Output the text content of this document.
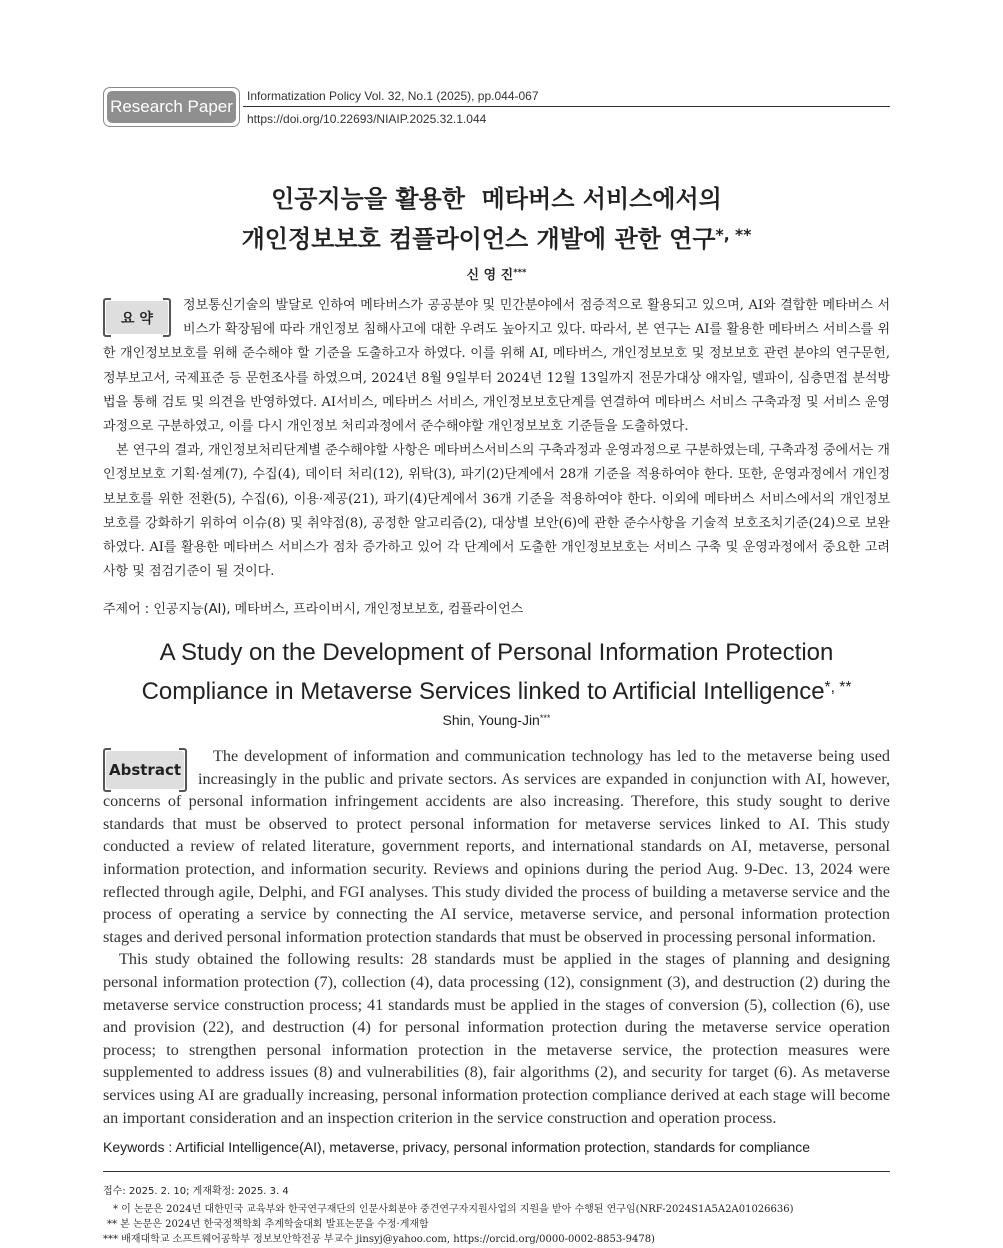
Research Paper
Informatization Policy Vol. 32, No.1 (2025), pp.044-067
https://doi.org/10.22693/NIAIP.2025.32.1.044
인공지능을 활용한  메타버스 서비스에서의
개인정보보호 컴플라이언스 개발에 관한 연구*, **
신 영 진***
요 약

정보통신기술의 발달로 인하여 메타버스가 공공분야 및 민간분야에서 점증적으로 활용되고 있으며, AI와 결합한 메타버스 서비스가 확장됨에 따라 개인정보 침해사고에 대한 우려도 높아지고 있다. 따라서, 본 연구는 AI를 활용한 메타버스 서비스를 위한 개인정보보호를 위해 준수해야 할 기준을 도출하고자 하였다. 이를 위해 AI, 메타버스, 개인정보보호 및 정보보호 관련 분야의 연구문헌, 정부보고서, 국제표준 등 문헌조사를 하였으며, 2024년 8월 9일부터 2024년 12월 13일까지 전문가대상 애자일, 델파이, 심층면접 분석방법을 통해 검토 및 의견을 반영하였다. AI서비스, 메타버스 서비스, 개인정보보호단계를 연결하여 메타버스 서비스 구축과정 및 서비스 운영과정으로 구분하였고, 이를 다시 개인정보 처리과정에서 준수해야할 개인정보보호 기준들을 도출하였다.

본 연구의 결과, 개인정보처리단계별 준수해야할 사항은 메타버스서비스의 구축과정과 운영과정으로 구분하였는데, 구축과정 중에서는 개인정보보호 기획·설계(7), 수집(4), 데이터 처리(12), 위탁(3), 파기(2)단계에서 28개 기준을 적용하여야 한다. 또한, 운영과정에서 개인정보보호를 위한 전환(5), 수집(6), 이용·제공(21), 파기(4)단계에서 36개 기준을 적용하여야 한다. 이외에 메타버스 서비스에서의 개인정보보호를 강화하기 위하여 이슈(8) 및 취약점(8), 공정한 알고리즘(2), 대상별 보안(6)에 관한 준수사항을 기술적 보호조치기준(24)으로 보완하였다. AI를 활용한 메타버스 서비스가 점차 증가하고 있어 각 단계에서 도출한 개인정보보호는 서비스 구축 및 운영과정에서 중요한 고려사항 및 점검기준이 될 것이다.

주제어 : 인공지능(AI), 메타버스, 프라이버시, 개인정보보호, 컴플라이언스
A Study on the Development of Personal Information Protection
Compliance in Metaverse Services linked to Artificial Intelligence*, **
Shin, Young-Jin***
Abstract

The development of information and communication technology has led to the metaverse being used increasingly in the public and private sectors. As services are expanded in conjunction with AI, however, concerns of personal information infringement accidents are also increasing. Therefore, this study sought to derive standards that must be observed to protect personal information for metaverse services linked to AI. This study conducted a review of related literature, government reports, and international standards on AI, metaverse, personal information protection, and information security. Reviews and opinions during the period Aug. 9-Dec. 13, 2024 were reflected through agile, Delphi, and FGI analyses. This study divided the process of building a metaverse service and the process of operating a service by connecting the AI service, metaverse service, and personal information protection stages and derived personal information protection standards that must be observed in processing personal information.

This study obtained the following results: 28 standards must be applied in the stages of planning and designing personal information protection (7), collection (4), data processing (12), consignment (3), and destruction (2) during the metaverse service construction process; 41 standards must be applied in the stages of conversion (5), collection (6), use and provision (22), and destruction (4) for personal information protection during the metaverse service operation process; to strengthen personal information protection in the metaverse service, the protection measures were supplemented to address issues (8) and vulnerabilities (8), fair algorithms (2), and security for target (6). As metaverse services using AI are gradually increasing, personal information protection compliance derived at each stage will become an important consideration and an inspection criterion in the service construction and operation process.

Keywords : Artificial Intelligence(AI), metaverse, privacy, personal information protection, standards for compliance
접수: 2025. 2. 10; 게재확정: 2025. 3. 4
* 이 논문은 2024년 대한민국 교육부와 한국연구재단의 인문사회분야 중견연구자지원사업의 지원을 받아 수행된 연구임(NRF-2024S1A5A2A01026636)
** 본 논문은 2024년 한국정책학회 추계학술대회 발표논문을 수정·게재함
*** 배재대학교 소프트웨어공학부 정보보안학전공 부교수 jinsyj@yahoo.com, https://orcid.org/0000-0002-8853-9478)
